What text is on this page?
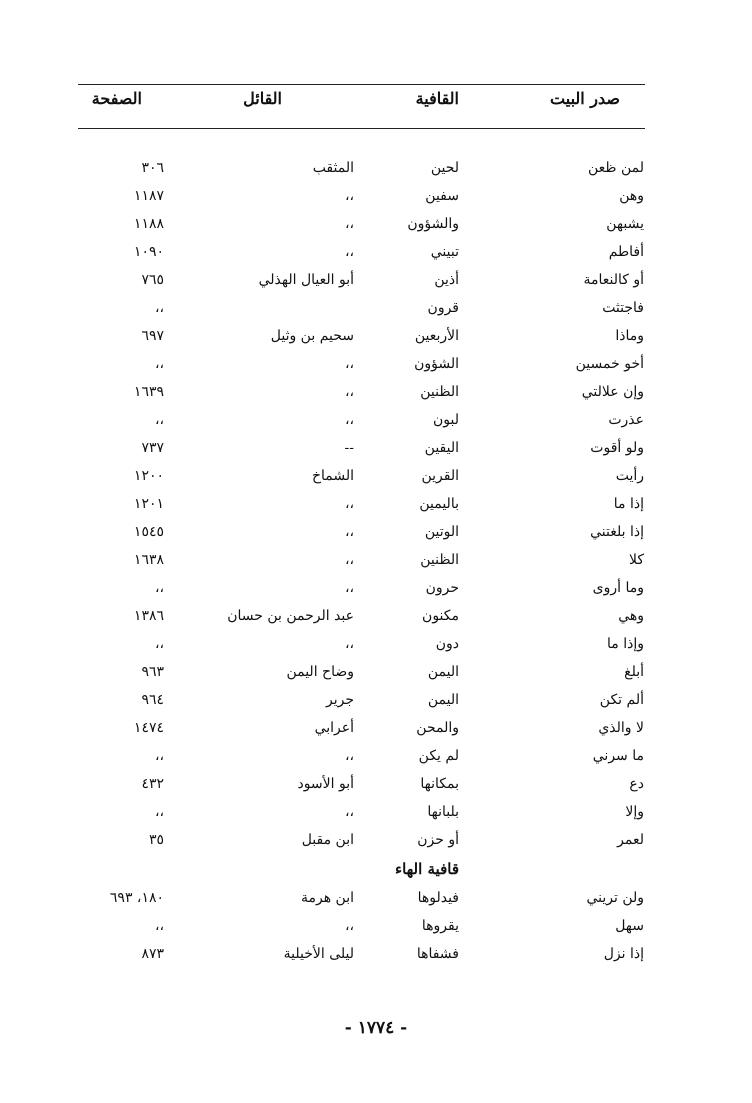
صدر البيت
القافية
القائل
الصفحة
لمن ظعن
لحين
المثقب
٣٠٦
وهن
سفين
،،
١١٨٧
يشبهن
والشؤون
،،
١١٨٨
أفاطم
تبيني
،،
١٠٩٠
أو كالنعامة
أذين
أبو العيال الهذلي
٧٦٥
فاجتثت
قرون
،،
وماذا
الأربعين
سحيم بن وثيل
٦٩٧
أخو خمسين
الشؤون
،،
،،
وإن علالتي
الظنين
،،
١٦٣٩
عذرت
لبون
،،
،،
ولو أقوت
اليقين
--
٧٣٧
رأيت
القرين
الشماخ
١٢٠٠
إذا ما
باليمين
،،
١٢٠١
إذا بلغتني
الوتين
،،
١٥٤٥
كلا
الظنين
،،
١٦٣٨
وما أروى
حرون
،،
،،
وهي
مكنون
عبد الرحمن بن حسان
١٣٨٦
وإذا ما
دون
،،
،،
أبلغ
اليمن
وضاح اليمن
٩٦٣
ألم تكن
اليمن
جرير
٩٦٤
لا والذي
والمحن
أعرابي
١٤٧٤
ما سرني
لم يكن
،،
،،
دع
بمكانها
أبو الأسود
٤٣٢
وإلا
بلبانها
،،
،،
لعمر
أو حزن
ابن مقبل
٣٥
قافية الهاء
ولن تريني
فيدلوها
ابن هرمة
١٨٠، ٦٩٣
سهل
يقروها
،،
،،
إذا نزل
فشفاها
ليلى الأخيلية
٨٧٣
- ١٧٧٤ -
